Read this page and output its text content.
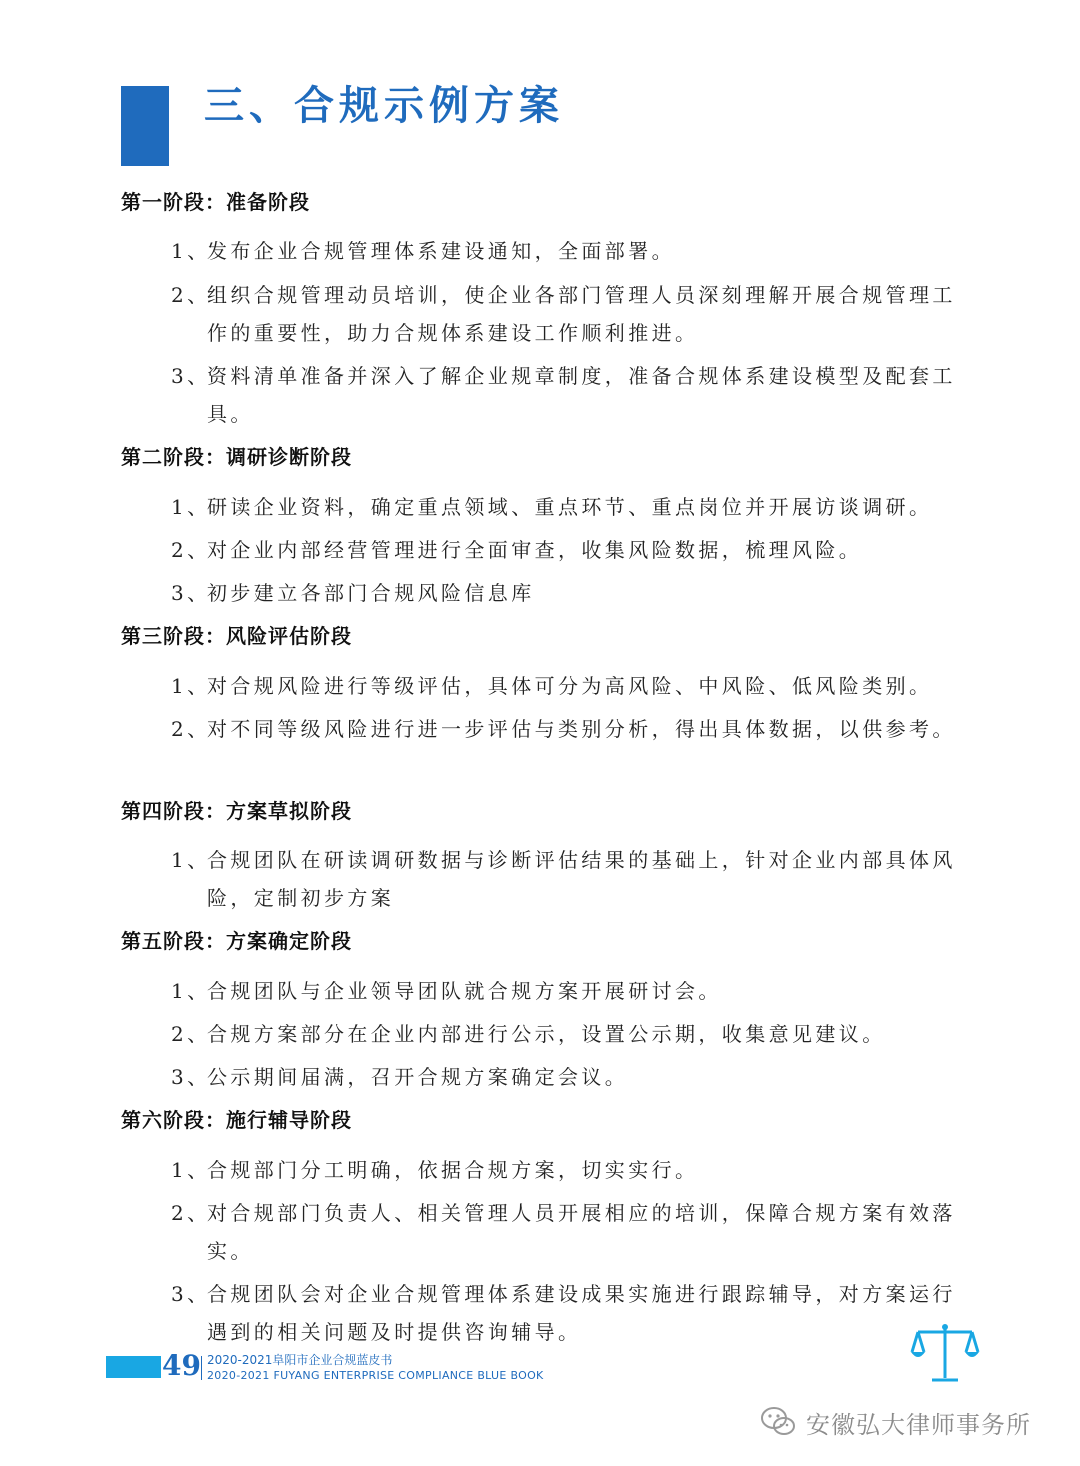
三、合规示例方案
第一阶段：准备阶段

1、
发布企业合规管理体系建设通知，全面部署。

2、
组织合规管理动员培训，使企业各部门管理人员深刻理解开展合规管理工作的重要性，助力合规体系建设工作顺利推进。

3、
资料清单准备并深入了解企业规章制度，准备合规体系建设模型及配套工具。

第二阶段：调研诊断阶段

1、
研读企业资料，确定重点领域、重点环节、重点岗位并开展访谈调研。

2、
对企业内部经营管理进行全面审查，收集风险数据，梳理风险。

3、
初步建立各部门合规风险信息库

第三阶段：风险评估阶段

1、
对合规风险进行等级评估，具体可分为高风险、中风险、低风险类别。

2、
对不同等级风险进行进一步评估与类别分析，得出具体数据，以供参考。

第四阶段：方案草拟阶段

1、
合规团队在研读调研数据与诊断评估结果的基础上，针对企业内部具体风险，定制初步方案

第五阶段：方案确定阶段

1、
合规团队与企业领导团队就合规方案开展研讨会。

2、
合规方案部分在企业内部进行公示，设置公示期，收集意见建议。

3、
公示期间届满，召开合规方案确定会议。

第六阶段：施行辅导阶段

1、
合规部门分工明确，依据合规方案，切实实行。

2、
对合规部门负责人、相关管理人员开展相应的培训，保障合规方案有效落实。

3、
合规团队会对企业合规管理体系建设成果实施进行跟踪辅导，对方案运行遇到的相关问题及时提供咨询辅导。

49 2020-2021阜阳市企业合规蓝皮书
2020-2021 FUYANG ENTERPRISE COMPLIANCE BLUE BOOK
安徽弘大律师事务所
